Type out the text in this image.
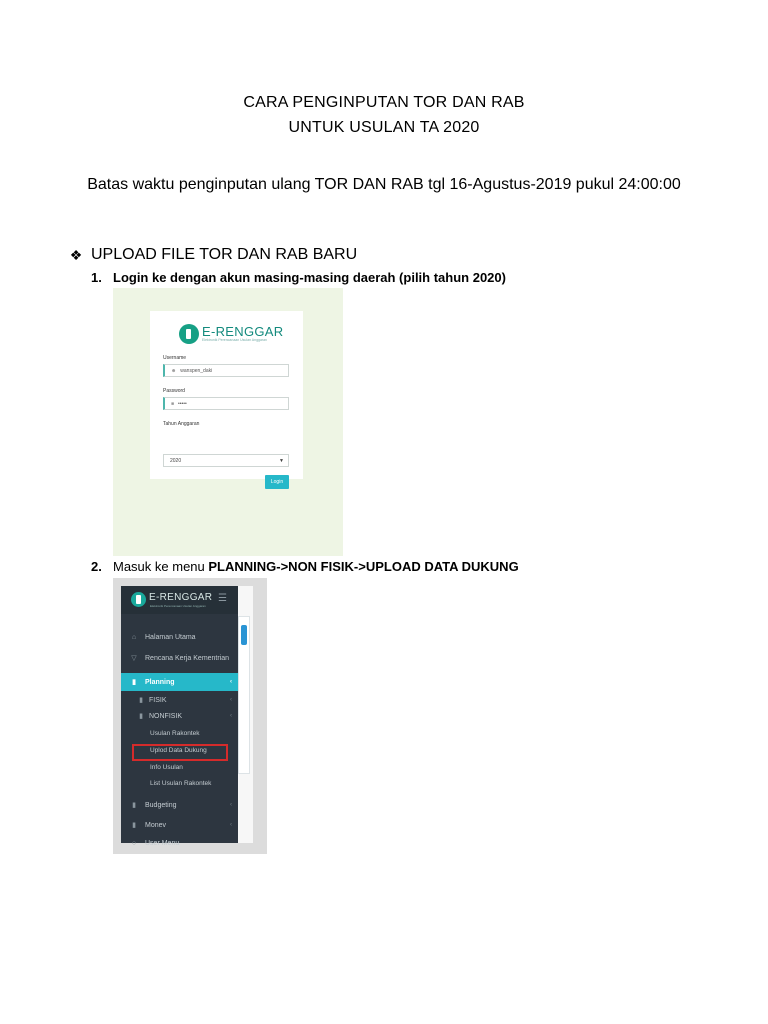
CARA PENGINPUTAN TOR DAN RAB
UNTUK USULAN TA 2020
Batas waktu penginputan ulang TOR DAN RAB tgl 16-Agustus-2019 pukul 24:00:00
❖ UPLOAD FILE TOR DAN RAB BARU
1. Login ke dengan akun masing-masing daerah (pilih tahun 2020)
E-RENGGAR
Elektronik Perencanaan Usulan Anggaran
Username
☻ wanspen_daki
Password
■ •••••
Tahun Anggaran
2020	▼
Login
2. Masuk ke menu PLANNING->NON FISIK->UPLOAD DATA DUKUNG
E-RENGGAR
Elektronik Perencanaan Usulan Anggaran
☰
⌂	Halaman Utama
▽	Rencana Kerja Kementrian
▮	Planning	‹
▮ FISIK	‹
▮ NONFISIK	‹
Usulan Rakontek
Uplod Data Dukung
Info Usulan
List Usulan Rakontek
▮	Budgeting	‹
▮	Monev	‹
○	User Menu
